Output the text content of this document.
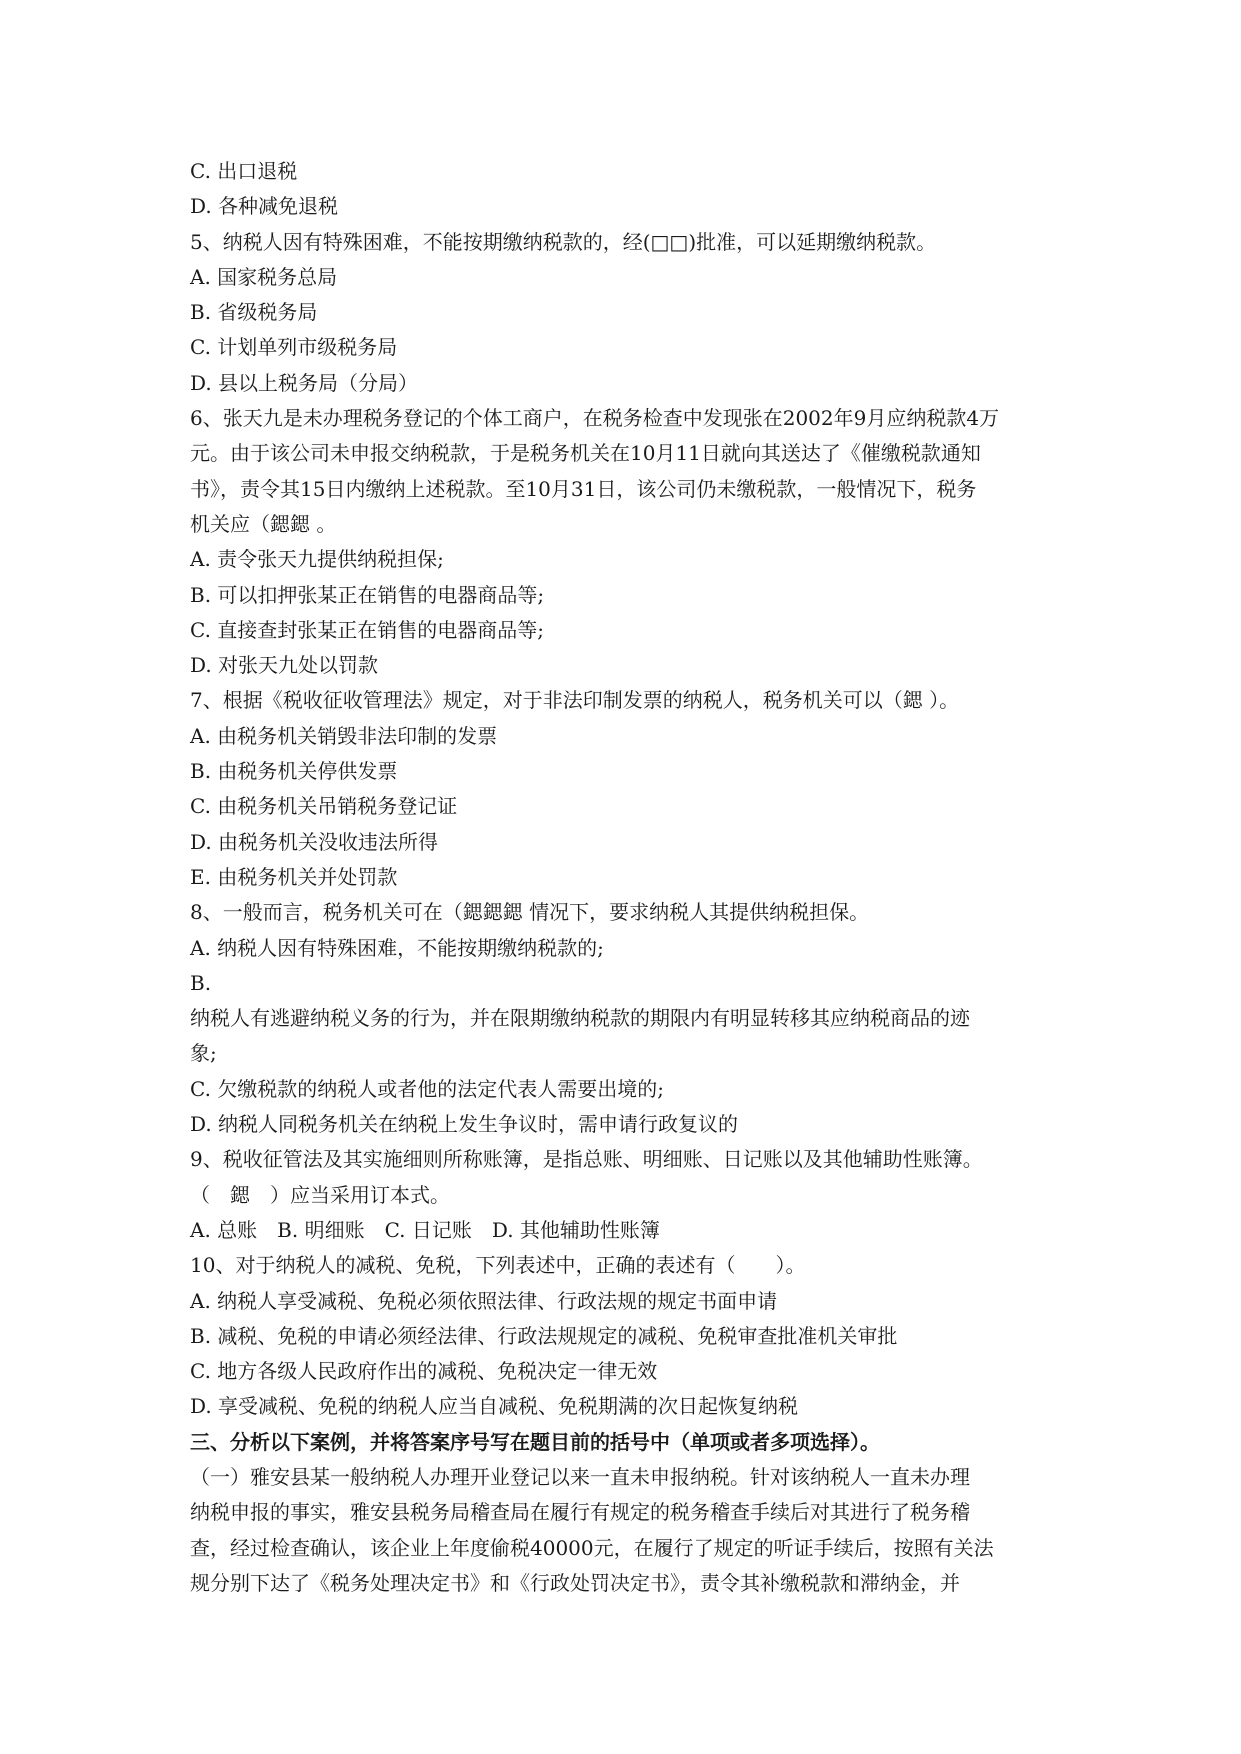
C. 出口退税
D. 各种减免退税
5、纳税人因有特殊困难，不能按期缴纳税款的，经(□□)批准，可以延期缴纳税款。
A. 国家税务总局
B. 省级税务局
C. 计划单列市级税务局
D. 县以上税务局（分局）
6、张天九是未办理税务登记的个体工商户，在税务检查中发现张在2002年9月应纳税款4万
元。由于该公司未申报交纳税款，于是税务机关在10月11日就向其送达了《催缴税款通知
书》，责令其15日内缴纳上述税款。至10月31日，该公司仍未缴税款，一般情况下，税务
机关应（鍶鍶 。
A. 责令张天九提供纳税担保;
B. 可以扣押张某正在销售的电器商品等;
C. 直接查封张某正在销售的电器商品等;
D. 对张天九处以罚款
7、根据《税收征收管理法》规定，对于非法印制发票的纳税人，税务机关可以（鍶 ）。
A. 由税务机关销毁非法印制的发票
B. 由税务机关停供发票
C. 由税务机关吊销税务登记证
D. 由税务机关没收违法所得
E. 由税务机关并处罚款
8、一般而言，税务机关可在（鍶鍶鍶 情况下，要求纳税人其提供纳税担保。
A. 纳税人因有特殊困难，不能按期缴纳税款的;
B.
纳税人有逃避纳税义务的行为，并在限期缴纳税款的期限内有明显转移其应纳税商品的迹
象;
C. 欠缴税款的纳税人或者他的法定代表人需要出境的;
D. 纳税人同税务机关在纳税上发生争议时，需申请行政复议的
9、税收征管法及其实施细则所称账簿，是指总账、明细账、日记账以及其他辅助性账簿。
（　鍶　）应当采用订本式。
A. 总账　B. 明细账　C. 日记账　D. 其他辅助性账簿
10、对于纳税人的减税、免税，下列表述中，正确的表述有（　　）。
A. 纳税人享受减税、免税必须依照法律、行政法规的规定书面申请
B. 减税、免税的申请必须经法律、行政法规规定的减税、免税审查批准机关审批
C. 地方各级人民政府作出的减税、免税决定一律无效
D. 享受减税、免税的纳税人应当自减税、免税期满的次日起恢复纳税
三、分析以下案例，并将答案序号写在题目前的括号中（单项或者多项选择）。
（一）雅安县某一般纳税人办理开业登记以来一直未申报纳税。针对该纳税人一直未办理
纳税申报的事实，雅安县税务局稽查局在履行有规定的税务稽查手续后对其进行了税务稽
查，经过检查确认，该企业上年度偷税40000元，在履行了规定的听证手续后，按照有关法
规分别下达了《税务处理决定书》和《行政处罚决定书》，责令其补缴税款和滞纳金，并
